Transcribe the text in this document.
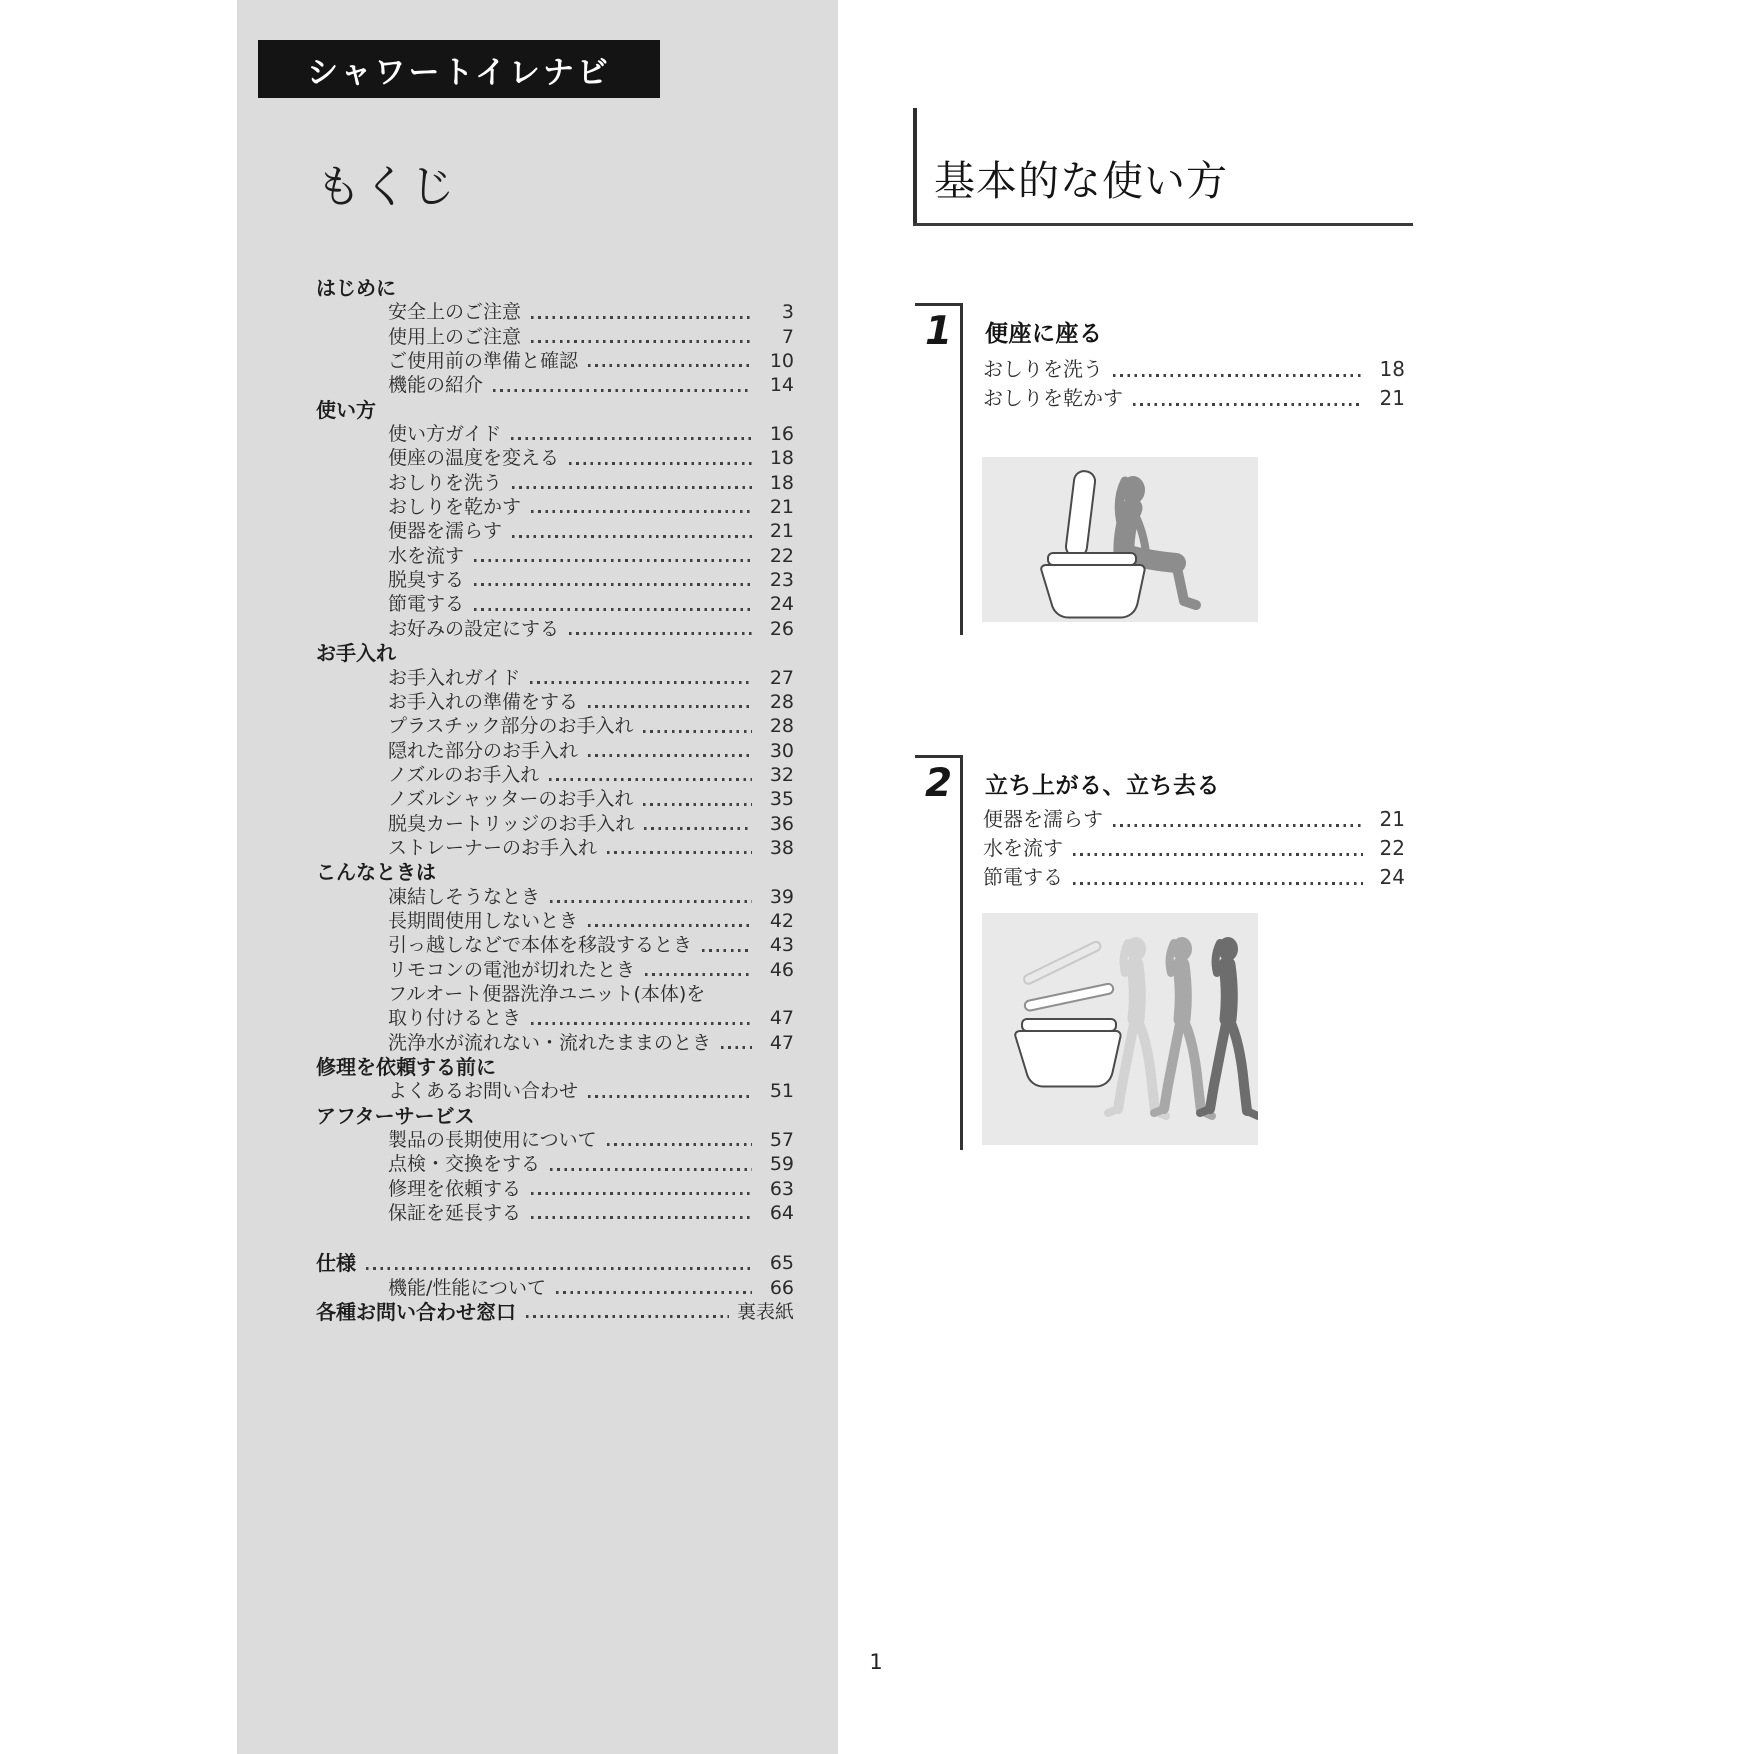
シャワートイレナビ
もくじ
はじめに
安全上のご注意	3
使用上のご注意	7
ご使用前の準備と確認	10
機能の紹介	14
使い方
使い方ガイド	16
便座の温度を変える	18
おしりを洗う	18
おしりを乾かす	21
便器を濡らす	21
水を流す	22
脱臭する	23
節電する	24
お好みの設定にする	26
お手入れ
お手入れガイド	27
お手入れの準備をする	28
プラスチック部分のお手入れ	28
隠れた部分のお手入れ	30
ノズルのお手入れ	32
ノズルシャッターのお手入れ	35
脱臭カートリッジのお手入れ	36
ストレーナーのお手入れ	38
こんなときは
凍結しそうなとき	39
長期間使用しないとき	42
引っ越しなどで本体を移設するとき	43
リモコンの電池が切れたとき	46
フルオート便器洗浄ユニット(本体)を
取り付けるとき	47
洗浄水が流れない・流れたままのとき	47
修理を依頼する前に
よくあるお問い合わせ	51
アフターサービス
製品の長期使用について	57
点検・交換をする	59
修理を依頼する	63
保証を延長する	64
仕様	65
機能/性能について	66
各種お問い合わせ窓口	裏表紙
基本的な使い方
1 便座に座る
おしりを洗う	18
おしりを乾かす	21
2 立ち上がる、立ち去る
便器を濡らす	21
水を流す	22
節電する	24
1
